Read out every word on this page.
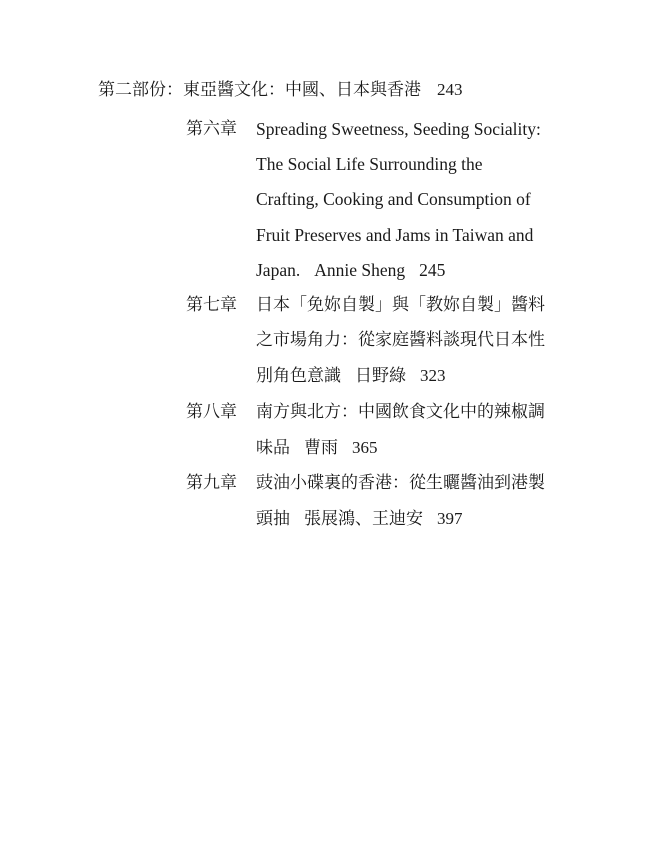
第二部份：東亞醬文化：中國、日本與香港 243
第六章	Spreading Sweetness, Seeding Sociality:
The Social Life Surrounding the
Crafting, Cooking and Consumption of
Fruit Preserves and Jams in Taiwan and
Japan. Annie Sheng 245
第七章	日本「免妳自製」與「教妳自製」醬料
之市場角力：從家庭醬料談現代日本性
別角色意識 日野綠 323
第八章	南方與北方：中國飲食文化中的辣椒調
味品 曹雨 365
第九章	豉油小碟裏的香港：從生曬醬油到港製
頭抽 張展鴻、王迪安 397
